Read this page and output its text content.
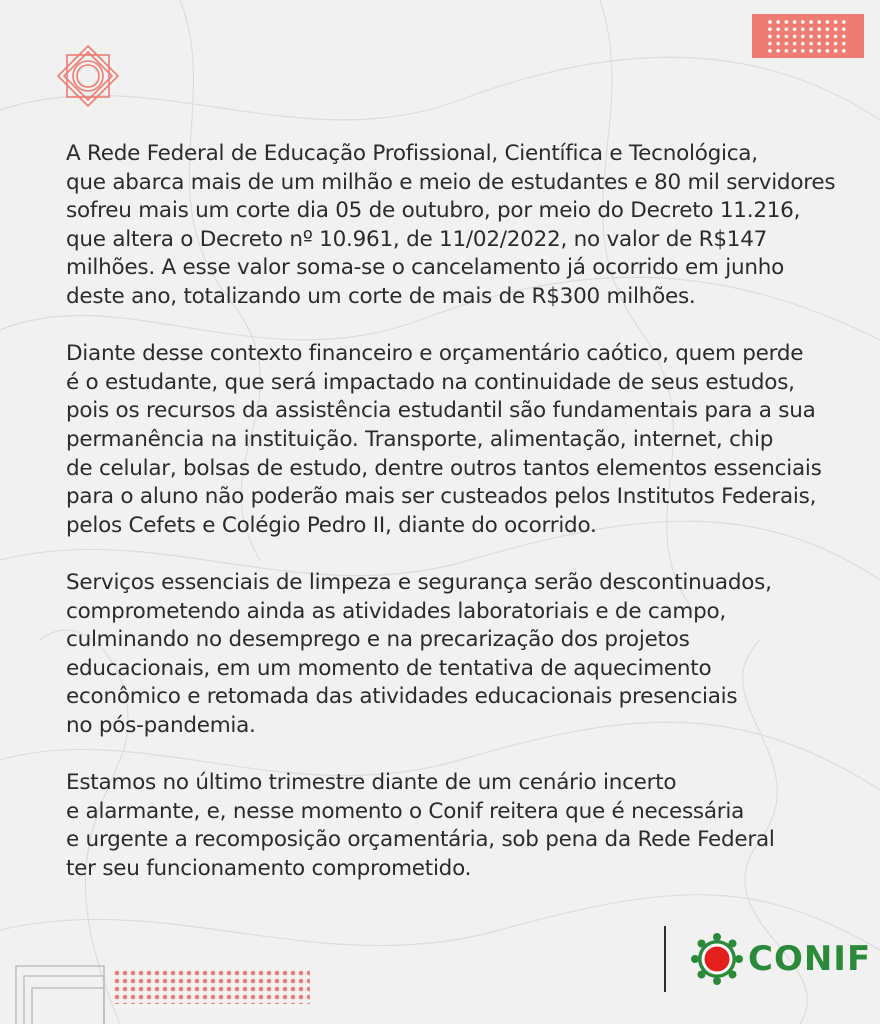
A Rede Federal de Educação Profissional, Científica e Tecnológica,
que abarca mais de um milhão e meio de estudantes e 80 mil servidores
sofreu mais um corte dia 05 de outubro, por meio do Decreto 11.216,
que altera o Decreto nº 10.961, de 11/02/2022, no valor de R$147
milhões. A esse valor soma-se o cancelamento já ocorrido em junho
deste ano, totalizando um corte de mais de R$300 milhões.

Diante desse contexto financeiro e orçamentário caótico, quem perde
é o estudante, que será impactado na continuidade de seus estudos,
pois os recursos da assistência estudantil são fundamentais para a sua
permanência na instituição. Transporte, alimentação, internet, chip
de celular, bolsas de estudo, dentre outros tantos elementos essenciais
para o aluno não poderão mais ser custeados pelos Institutos Federais,
pelos Cefets e Colégio Pedro II, diante do ocorrido.

Serviços essenciais de limpeza e segurança serão descontinuados,
comprometendo ainda as atividades laboratoriais e de campo,
culminando no desemprego e na precarização dos projetos
educacionais, em um momento de tentativa de aquecimento
econômico e retomada das atividades educacionais presenciais
no pós-pandemia.

Estamos no último trimestre diante de um cenário incerto
e alarmante, e, nesse momento o Conif reitera que é necessária
e urgente a recomposição orçamentária, sob pena da Rede Federal
ter seu funcionamento comprometido.

CONIF
